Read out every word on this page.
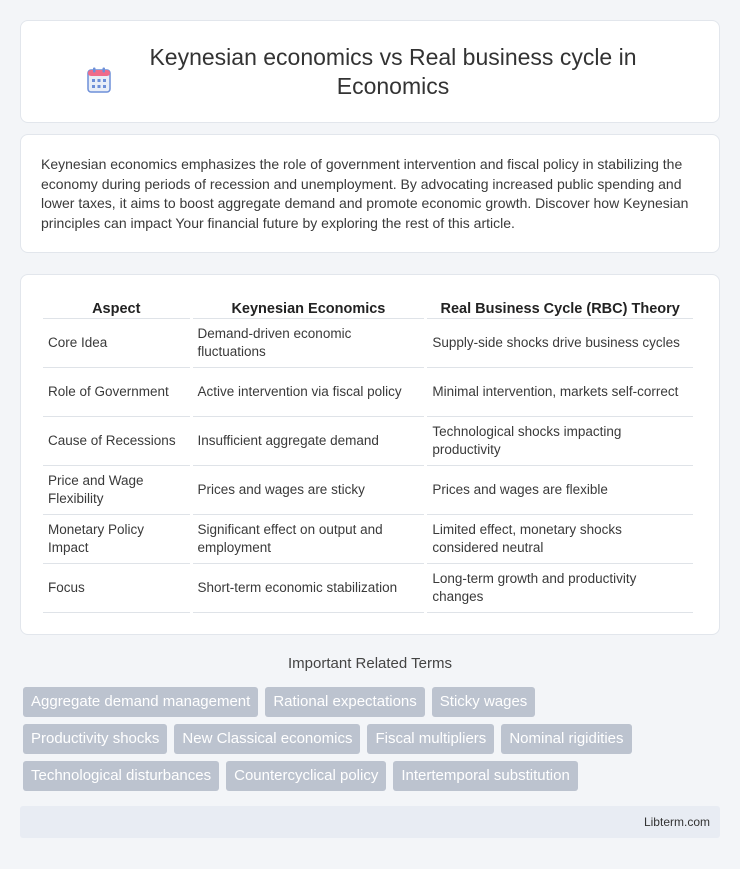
Keynesian economics vs Real business cycle in Economics

Keynesian economics emphasizes the role of government intervention and fiscal policy in stabilizing the economy during periods of recession and unemployment. By advocating increased public spending and lower taxes, it aims to boost aggregate demand and promote economic growth. Discover how Keynesian principles can impact Your financial future by exploring the rest of this article.

Aspect	Keynesian Economics	Real Business Cycle (RBC) Theory
Core Idea	Demand-driven economic fluctuations	Supply-side shocks drive business cycles
Role of Government	Active intervention via fiscal policy	Minimal intervention, markets self-correct
Cause of Recessions	Insufficient aggregate demand	Technological shocks impacting productivity
Price and Wage Flexibility	Prices and wages are sticky	Prices and wages are flexible
Monetary Policy Impact	Significant effect on output and employment	Limited effect, monetary shocks considered neutral
Focus	Short-term economic stabilization	Long-term growth and productivity changes
Important Related Terms
Aggregate demand management	Rational expectations	Sticky wages
Productivity shocks	New Classical economics	Fiscal multipliers	Nominal rigidities
Technological disturbances	Countercyclical policy	Intertemporal substitution
Libterm.com
